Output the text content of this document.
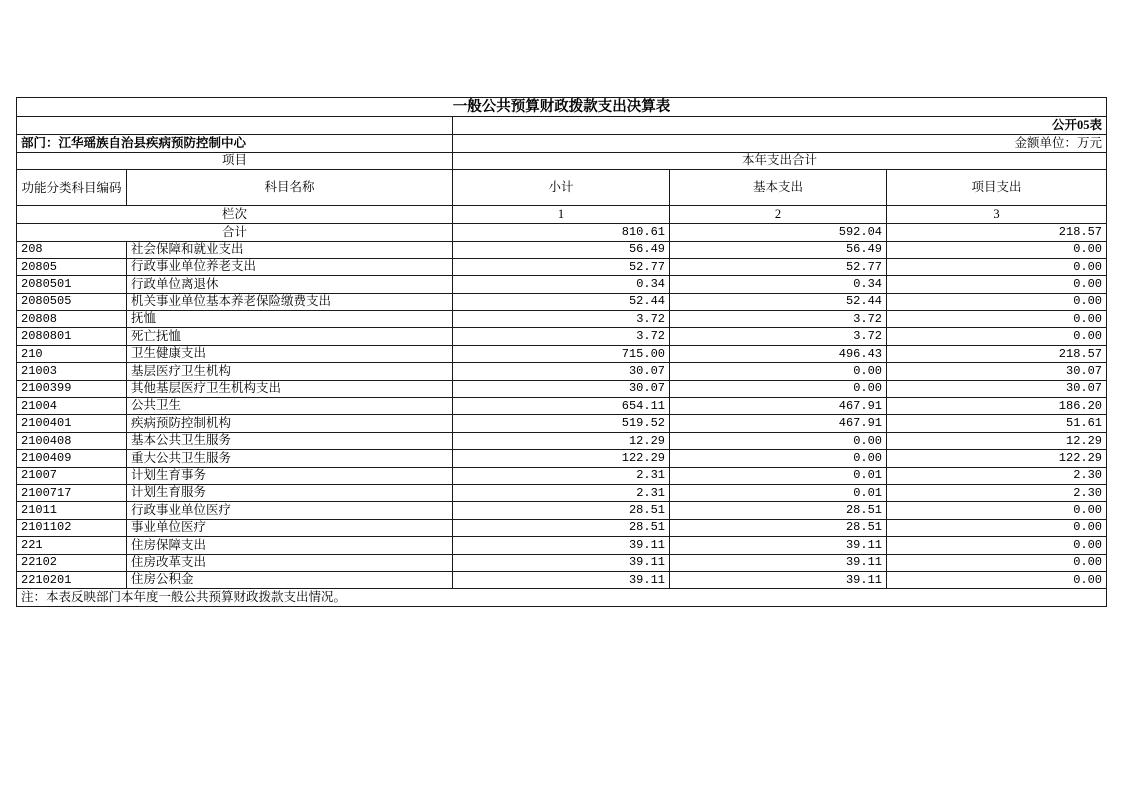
一般公共预算财政拨款支出决算表				
		公开05表		
部门：江华瑶族自治县疾病预防控制中心		金额单位：万元		
项目		本年支出合计		
功能分类科目编码	科目名称	小计	基本支出	项目支出
栏次		1	2	3
合计		810.61	592.04	218.57
208	社会保障和就业支出	56.49	56.49	0.00
20805	行政事业单位养老支出	52.77	52.77	0.00
2080501	行政单位离退休	0.34	0.34	0.00
2080505	机关事业单位基本养老保险缴费支出	52.44	52.44	0.00
20808	抚恤	3.72	3.72	0.00
2080801	死亡抚恤	3.72	3.72	0.00
210	卫生健康支出	715.00	496.43	218.57
21003	基层医疗卫生机构	30.07	0.00	30.07
2100399	其他基层医疗卫生机构支出	30.07	0.00	30.07
21004	公共卫生	654.11	467.91	186.20
2100401	疾病预防控制机构	519.52	467.91	51.61
2100408	基本公共卫生服务	12.29	0.00	12.29
2100409	重大公共卫生服务	122.29	0.00	122.29
21007	计划生育事务	2.31	0.01	2.30
2100717	计划生育服务	2.31	0.01	2.30
21011	行政事业单位医疗	28.51	28.51	0.00
2101102	事业单位医疗	28.51	28.51	0.00
221	住房保障支出	39.11	39.11	0.00
22102	住房改革支出	39.11	39.11	0.00
2210201	住房公积金	39.11	39.11	0.00
注：本表反映部门本年度一般公共预算财政拨款支出情况。				
